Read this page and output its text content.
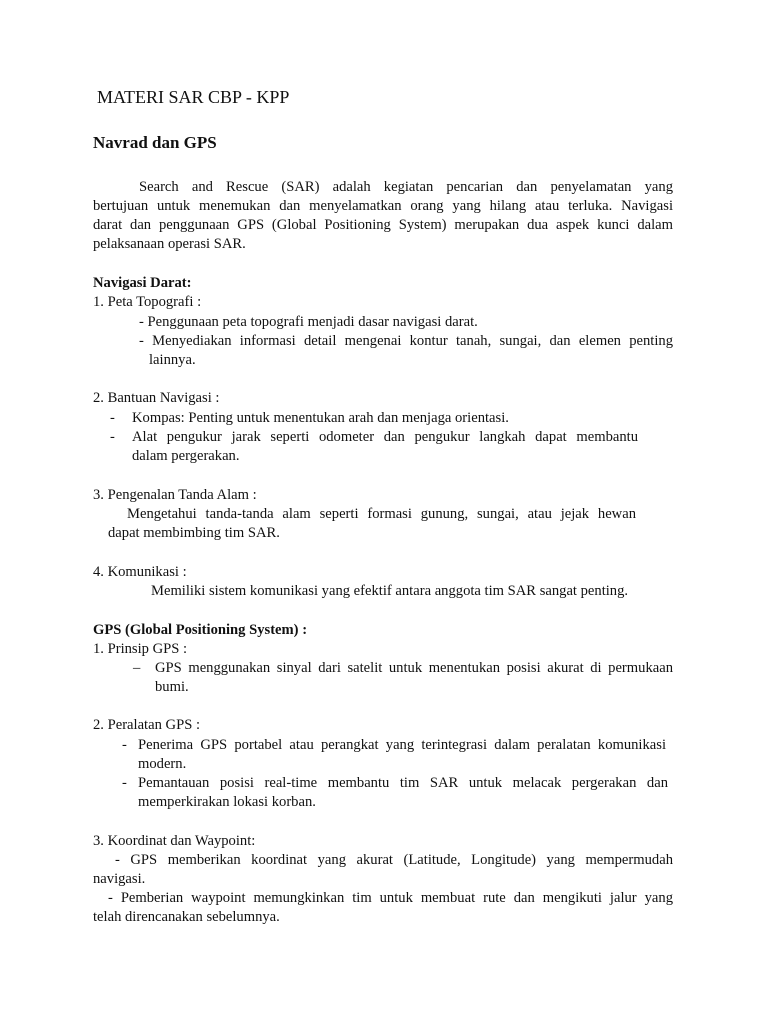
MATERI SAR CBP - KPP
Navrad dan GPS
Search and Rescue (SAR) adalah kegiatan pencarian dan penyelamatan yang
bertujuan untuk menemukan dan menyelamatkan orang yang hilang atau terluka. Navigasi
darat dan penggunaan GPS (Global Positioning System) merupakan dua aspek kunci dalam
pelaksanaan operasi SAR.
Navigasi Darat:
1. Peta Topografi :
- Penggunaan peta topografi menjadi dasar navigasi darat.
- Menyediakan informasi detail mengenai kontur tanah, sungai, dan elemen penting
lainnya.
2. Bantuan Navigasi :
- Kompas: Penting untuk menentukan arah dan menjaga orientasi.
- Alat pengukur jarak seperti odometer dan pengukur langkah dapat membantu
dalam pergerakan.
3. Pengenalan Tanda Alam :
Mengetahui tanda-tanda alam seperti formasi gunung, sungai, atau jejak hewan
dapat membimbing tim SAR.
4. Komunikasi :
Memiliki sistem komunikasi yang efektif antara anggota tim SAR sangat penting.
GPS (Global Positioning System) :
1. Prinsip GPS :
– GPS menggunakan sinyal dari satelit untuk menentukan posisi akurat di permukaan
bumi.
2. Peralatan GPS :
- Penerima GPS portabel atau perangkat yang terintegrasi dalam peralatan komunikasi
modern.
- Pemantauan posisi real-time membantu tim SAR untuk melacak pergerakan dan
memperkirakan lokasi korban.
3. Koordinat dan Waypoint:
- GPS memberikan koordinat yang akurat (Latitude, Longitude) yang mempermudah
navigasi.
- Pemberian waypoint memungkinkan tim untuk membuat rute dan mengikuti jalur yang
telah direncanakan sebelumnya.
